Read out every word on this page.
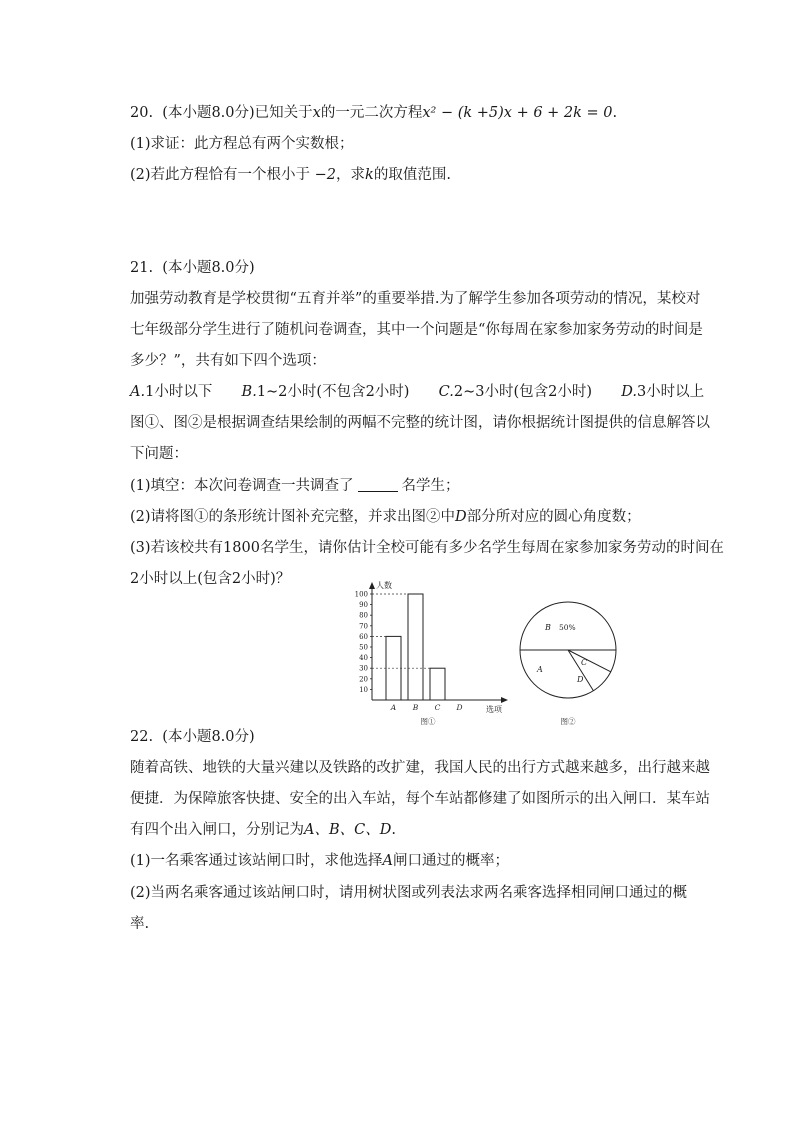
20. (本小题8.0分)已知关于x的一元二次方程x² − (k +5)x + 6 + 2k = 0.
(1)求证：此方程总有两个实数根；
(2)若此方程恰有一个根小于 −2，求k的取值范围.
21. (本小题8.0分)
加强劳动教育是学校贯彻“五育并举”的重要举措.为了解学生参加各项劳动的情况，某校对
七年级部分学生进行了随机问卷调查，其中一个问题是“你每周在家参加家务劳动的时间是
多少？”，共有如下四个选项：
A.1小时以下 B.1∼2小时(不包含2小时) C.2∼3小时(包含2小时) D.3小时以上
图①、图②是根据调查结果绘制的两幅不完整的统计图，请你根据统计图提供的信息解答以
下问题：
(1)填空：本次问卷调查一共调查了	名学生；
(2)请将图①的条形统计图补充完整，并求出图②中D部分所对应的圆心角度数；
(3)若该校共有1800名学生，请你估计全校可能有多少名学生每周在家参加家务劳动的时间在
2小时以上(包含2小时)？	人数
选项
10
20
30
40
50
60
70
80
90
100
A B C D
图①
B
A
C
D
50%
图②
22. (本小题8.0分)
随着高铁、地铁的大量兴建以及铁路的改扩建，我国人民的出行方式越来越多，出行越来越
便捷．为保障旅客快捷、安全的出入车站，每个车站都修建了如图所示的出入闸口．某车站
有四个出入闸口，分别记为A、B、C、D.
(1)一名乘客通过该站闸口时，求他选择A闸口通过的概率；
(2)当两名乘客通过该站闸口时，请用树状图或列表法求两名乘客选择相同闸口通过的概
率.
